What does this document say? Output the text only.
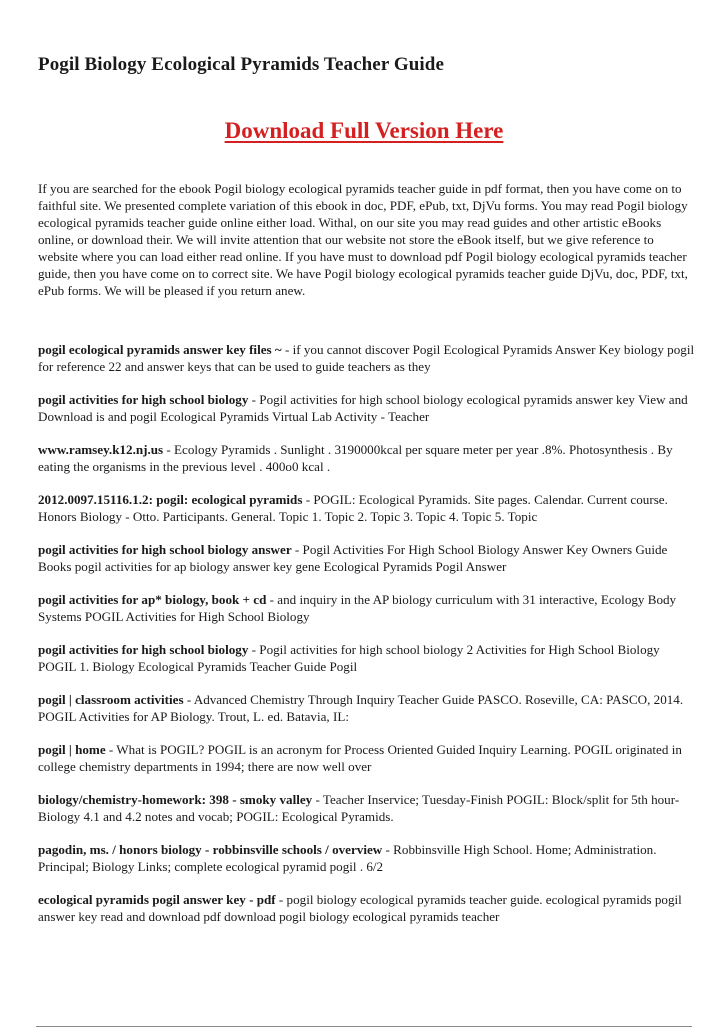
Pogil Biology Ecological Pyramids Teacher Guide
Download Full Version Here

If you are searched for the ebook Pogil biology ecological pyramids teacher guide in pdf format, then you have come on to faithful site. We presented complete variation of this ebook in doc, PDF, ePub, txt, DjVu forms. You may read Pogil biology ecological pyramids teacher guide online either load. Withal, on our site you may read guides and other artistic eBooks online, or download their. We will invite attention that our website not store the eBook itself, but we give reference to website where you can load either read online. If you have must to download pdf Pogil biology ecological pyramids teacher guide, then you have come on to correct site. We have Pogil biology ecological pyramids teacher guide DjVu, doc, PDF, txt, ePub forms. We will be pleased if you return anew.

pogil ecological pyramids answer key files ~ - if you cannot discover Pogil Ecological Pyramids Answer Key biology pogil for reference 22 and answer keys that can be used to guide teachers as they

pogil activities for high school biology - Pogil activities for high school biology ecological pyramids answer key View and Download is and pogil Ecological Pyramids Virtual Lab Activity - Teacher

www.ramsey.k12.nj.us - Ecology Pyramids . Sunlight . 3190000kcal per square meter per year .8%. Photosynthesis . By eating the organisms in the previous level . 400o0 kcal .

2012.0097.15116.1.2: pogil: ecological pyramids - POGIL: Ecological Pyramids. Site pages. Calendar. Current course. Honors Biology - Otto. Participants. General. Topic 1. Topic 2. Topic 3. Topic 4. Topic 5. Topic

pogil activities for high school biology answer - Pogil Activities For High School Biology Answer Key Owners Guide Books pogil activities for ap biology answer key gene Ecological Pyramids Pogil Answer

pogil activities for ap* biology, book + cd - and inquiry in the AP biology curriculum with 31 interactive, Ecology Body Systems POGIL Activities for High School Biology

pogil activities for high school biology - Pogil activities for high school biology 2 Activities for High School Biology POGIL 1. Biology Ecological Pyramids Teacher Guide Pogil

pogil | classroom activities - Advanced Chemistry Through Inquiry Teacher Guide PASCO. Roseville, CA: PASCO, 2014. POGIL Activities for AP Biology. Trout, L. ed. Batavia, IL:

pogil | home - What is POGIL? POGIL is an acronym for Process Oriented Guided Inquiry Learning. POGIL originated in college chemistry departments in 1994; there are now well over

biology/chemistry-homework: 398 - smoky valley - Teacher Inservice; Tuesday-Finish POGIL: Block/split for 5th hour-Biology 4.1 and 4.2 notes and vocab; POGIL: Ecological Pyramids.

pagodin, ms. / honors biology - robbinsville schools / overview - Robbinsville High School. Home; Administration. Principal; Biology Links; complete ecological pyramid pogil . 6/2

ecological pyramids pogil answer key - pdf - pogil biology ecological pyramids teacher guide. ecological pyramids pogil answer key read and download pdf download pogil biology ecological pyramids teacher
